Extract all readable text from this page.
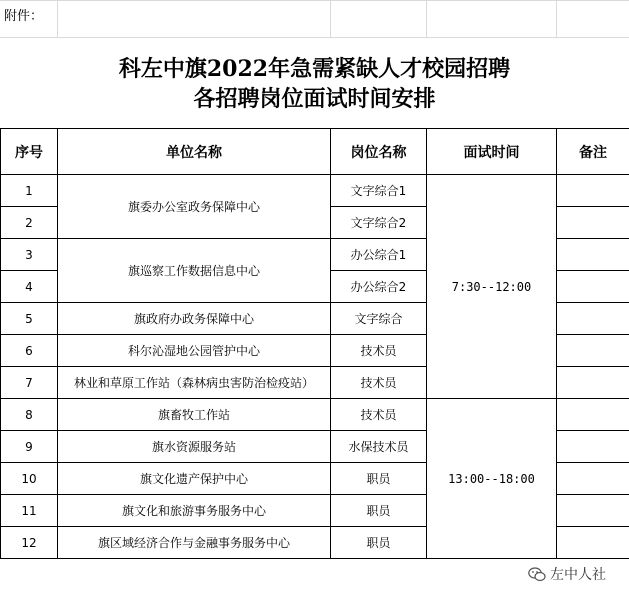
附件：
科左中旗2022年急需紧缺人才校园招聘
各招聘岗位面试时间安排
序号	单位名称	岗位名称	面试时间	备注
1	旗委办公室政务保障中心	文字综合1	7:30--12:00	
2		文字综合2		
3	旗巡察工作数据信息中心	办公综合1		
4		办公综合2		
5	旗政府办政务保障中心	文字综合		
6	科尔沁湿地公园管护中心	技术员		
7	林业和草原工作站（森林病虫害防治检疫站）	技术员		
8	旗畜牧工作站	技术员	13:00--18:00	
9	旗水资源服务站	水保技术员		
10	旗文化遗产保护中心	职员		
11	旗文化和旅游事务服务中心	职员		
12	旗区域经济合作与金融事务服务中心	职员		
左中人社
